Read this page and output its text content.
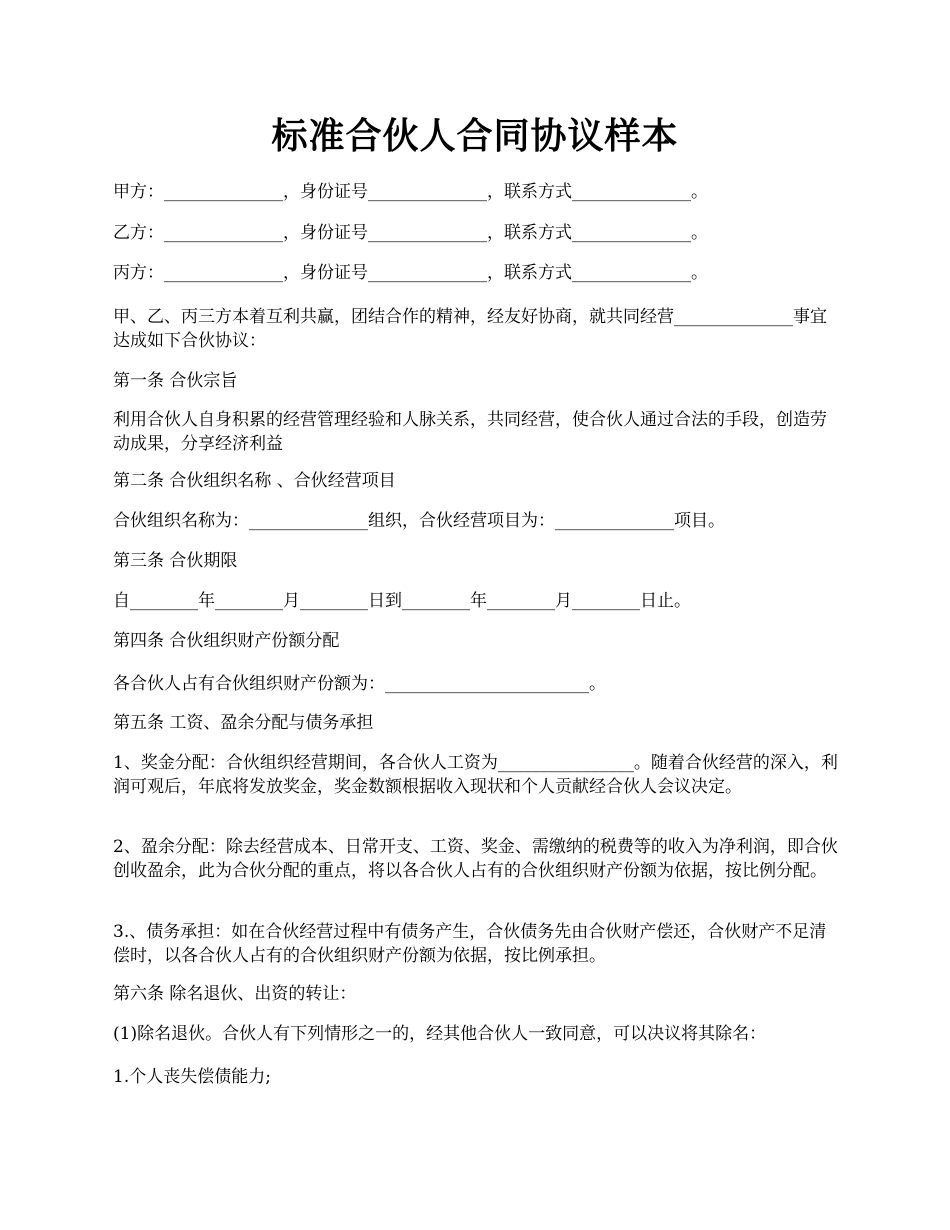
标准合伙人合同协议样本
甲方：______________，身份证号______________，联系方式______________。
乙方：______________，身份证号______________，联系方式______________。
丙方：______________，身份证号______________，联系方式______________。
甲、乙、丙三方本着互利共赢，团结合作的精神，经友好协商，就共同经营______________事宜达成如下合伙协议：
第一条 合伙宗旨
利用合伙人自身积累的经营管理经验和人脉关系，共同经营，使合伙人通过合法的手段，创造劳动成果，分享经济利益
第二条 合伙组织名称 、合伙经营项目
合伙组织名称为：______________组织，合伙经营项目为：______________项目。
第三条 合伙期限
自________年________月________日到________年________月________日止。
第四条 合伙组织财产份额分配
各合伙人占有合伙组织财产份额为：________________________。
第五条 工资、盈余分配与债务承担
1、奖金分配：合伙组织经营期间，各合伙人工资为________________。随着合伙经营的深入，利润可观后，年底将发放奖金，奖金数额根据收入现状和个人贡献经合伙人会议决定。
2、盈余分配：除去经营成本、日常开支、工资、奖金、需缴纳的税费等的收入为净利润，即合伙创收盈余，此为合伙分配的重点，将以各合伙人占有的合伙组织财产份额为依据，按比例分配。
3.、债务承担：如在合伙经营过程中有债务产生，合伙债务先由合伙财产偿还，合伙财产不足清偿时，以各合伙人占有的合伙组织财产份额为依据，按比例承担。
第六条 除名退伙、出资的转让：
(1)除名退伙。合伙人有下列情形之一的，经其他合伙人一致同意，可以决议将其除名：
1.个人丧失偿债能力;
